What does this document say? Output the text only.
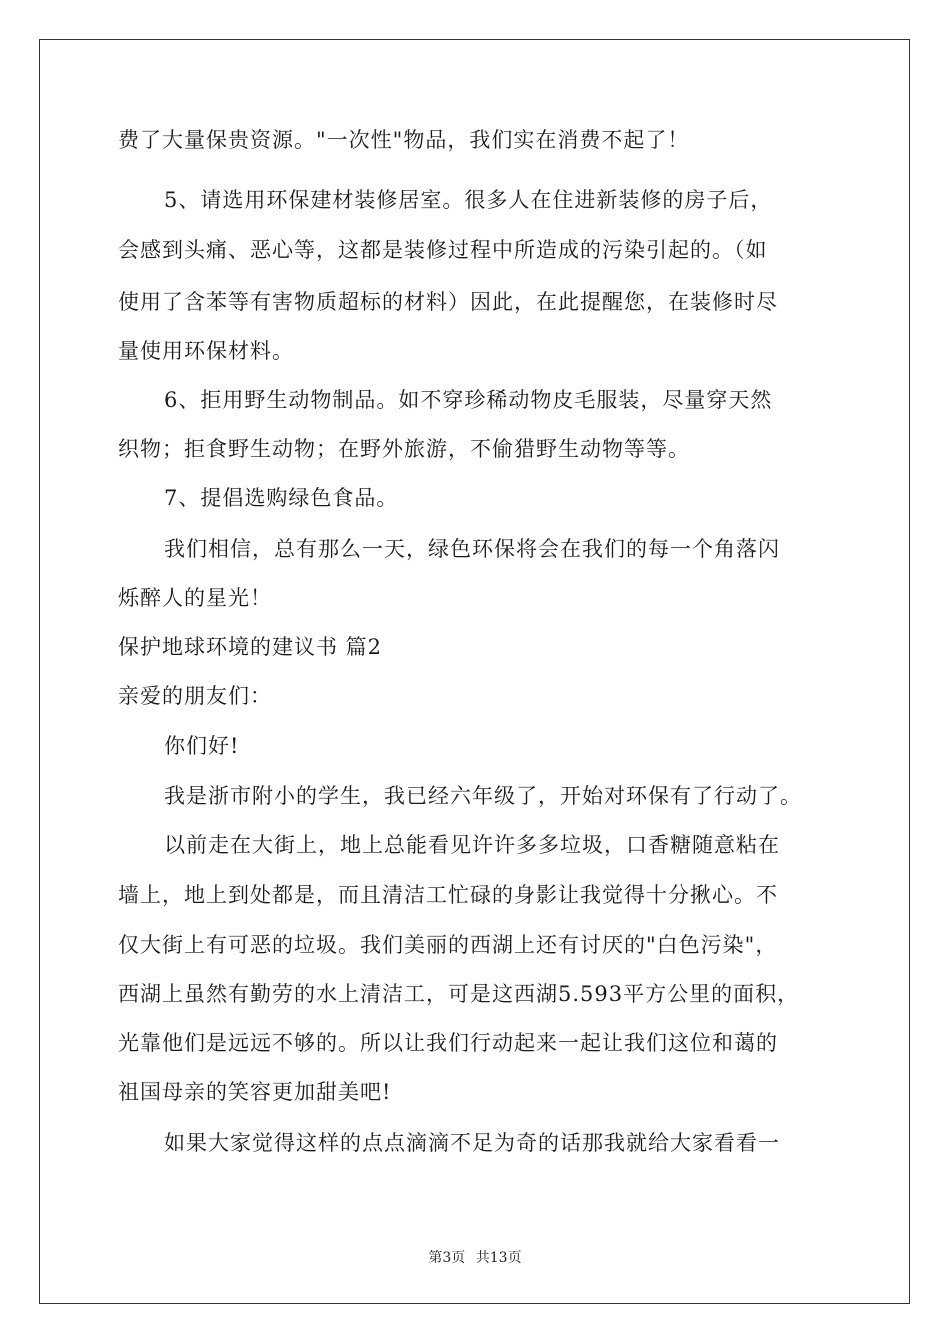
费了大量保贵资源。"一次性"物品，我们实在消费不起了！
5、请选用环保建材装修居室。很多人在住进新装修的房子后，
会感到头痛、恶心等，这都是装修过程中所造成的污染引起的。（如
使用了含苯等有害物质超标的材料）因此，在此提醒您，在装修时尽
量使用环保材料。
6、拒用野生动物制品。如不穿珍稀动物皮毛服装，尽量穿天然
织物；拒食野生动物；在野外旅游，不偷猎野生动物等等。
7、提倡选购绿色食品。
我们相信，总有那么一天，绿色环保将会在我们的每一个角落闪
烁醉人的星光！
保护地球环境的建议书 篇2
亲爱的朋友们：
你们好!
我是浙市附小的学生，我已经六年级了，开始对环保有了行动了。
以前走在大街上，地上总能看见许许多多垃圾，口香糖随意粘在
墙上，地上到处都是，而且清洁工忙碌的身影让我觉得十分揪心。不
仅大街上有可恶的垃圾。我们美丽的西湖上还有讨厌的"白色污染"，
西湖上虽然有勤劳的水上清洁工，可是这西湖5.593平方公里的面积，
光靠他们是远远不够的。所以让我们行动起来一起让我们这位和蔼的
祖国母亲的笑容更加甜美吧!
如果大家觉得这样的点点滴滴不足为奇的话那我就给大家看看一
第3页 共13页
